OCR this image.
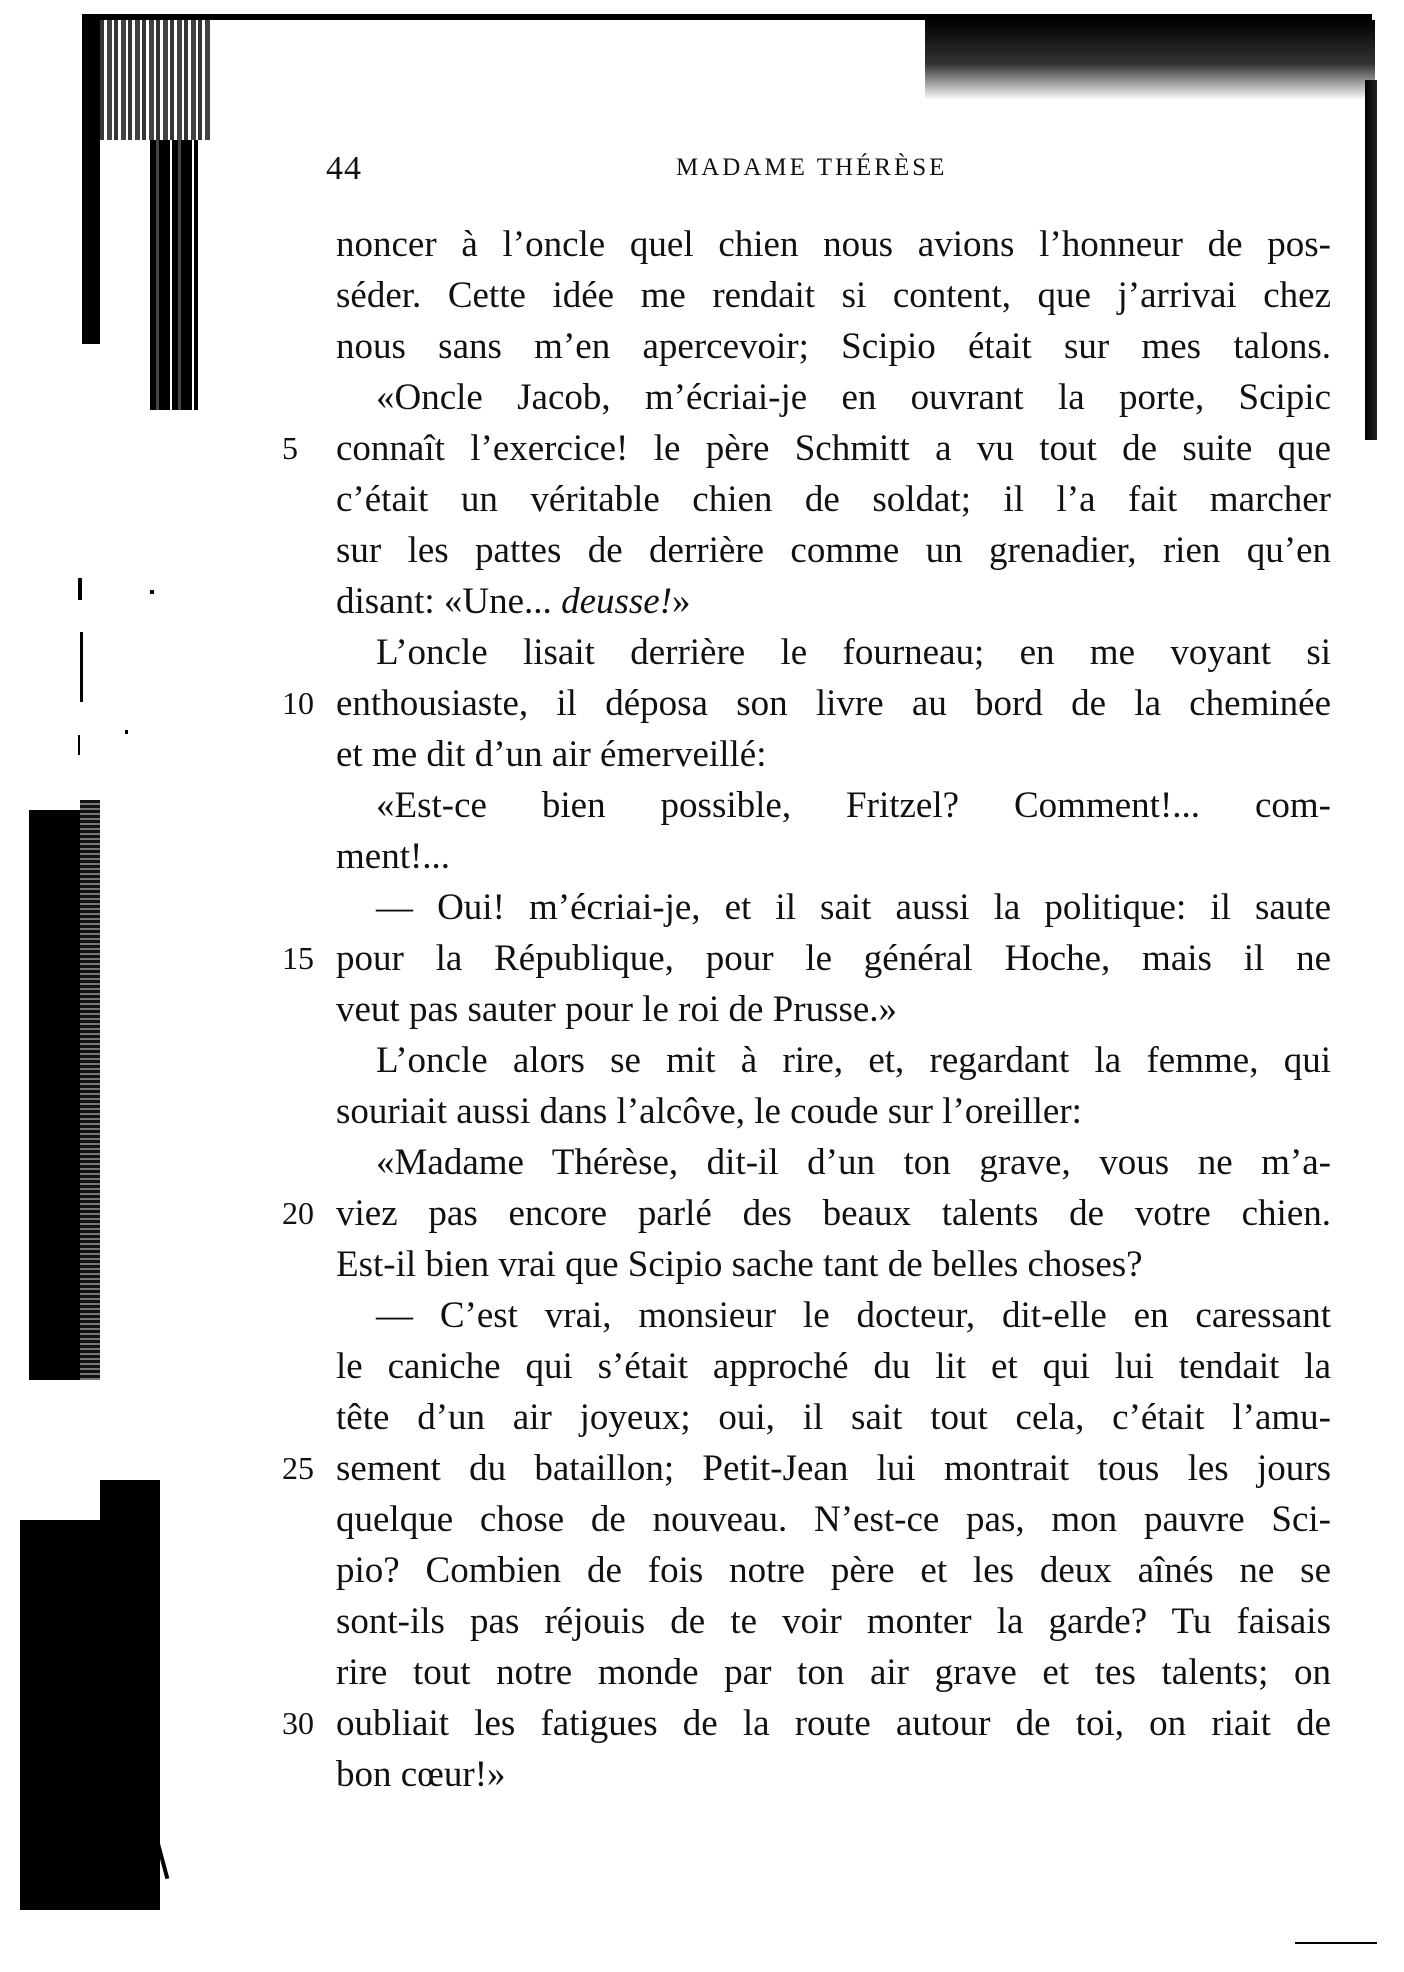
44	MADAME THÉRÈSE
noncer à l’oncle quel chien nous avions l’honneur de pos-
séder. Cette idée me rendait si content, que j’arrivai chez
nous sans m’en apercevoir; Scipio était sur mes talons.
«Oncle Jacob, m’écriai-je en ouvrant la porte, Scipic
connaît l’exercice! le père Schmitt a vu tout de suite que
c’était un véritable chien de soldat; il l’a fait marcher
sur les pattes de derrière comme un grenadier, rien qu’en
disant: «Une... deusse!»
L’oncle lisait derrière le fourneau; en me voyant si
enthousiaste, il déposa son livre au bord de la cheminée
et me dit d’un air émerveillé:
«Est-ce bien possible, Fritzel? Comment!... com-
ment!...
— Oui! m’écriai-je, et il sait aussi la politique: il saute
pour la République, pour le général Hoche, mais il ne
veut pas sauter pour le roi de Prusse.»
L’oncle alors se mit à rire, et, regardant la femme, qui
souriait aussi dans l’alcôve, le coude sur l’oreiller:
«Madame Thérèse, dit-il d’un ton grave, vous ne m’a-
viez pas encore parlé des beaux talents de votre chien.
Est-il bien vrai que Scipio sache tant de belles choses?
— C’est vrai, monsieur le docteur, dit-elle en caressant
le caniche qui s’était approché du lit et qui lui tendait la
tête d’un air joyeux; oui, il sait tout cela, c’était l’amu-
sement du bataillon; Petit-Jean lui montrait tous les jours
quelque chose de nouveau. N’est-ce pas, mon pauvre Sci-
pio? Combien de fois notre père et les deux aînés ne se
sont-ils pas réjouis de te voir monter la garde? Tu faisais
rire tout notre monde par ton air grave et tes talents; on
oubliait les fatigues de la route autour de toi, on riait de
bon cœur!»
5
10
15
20
25
30
